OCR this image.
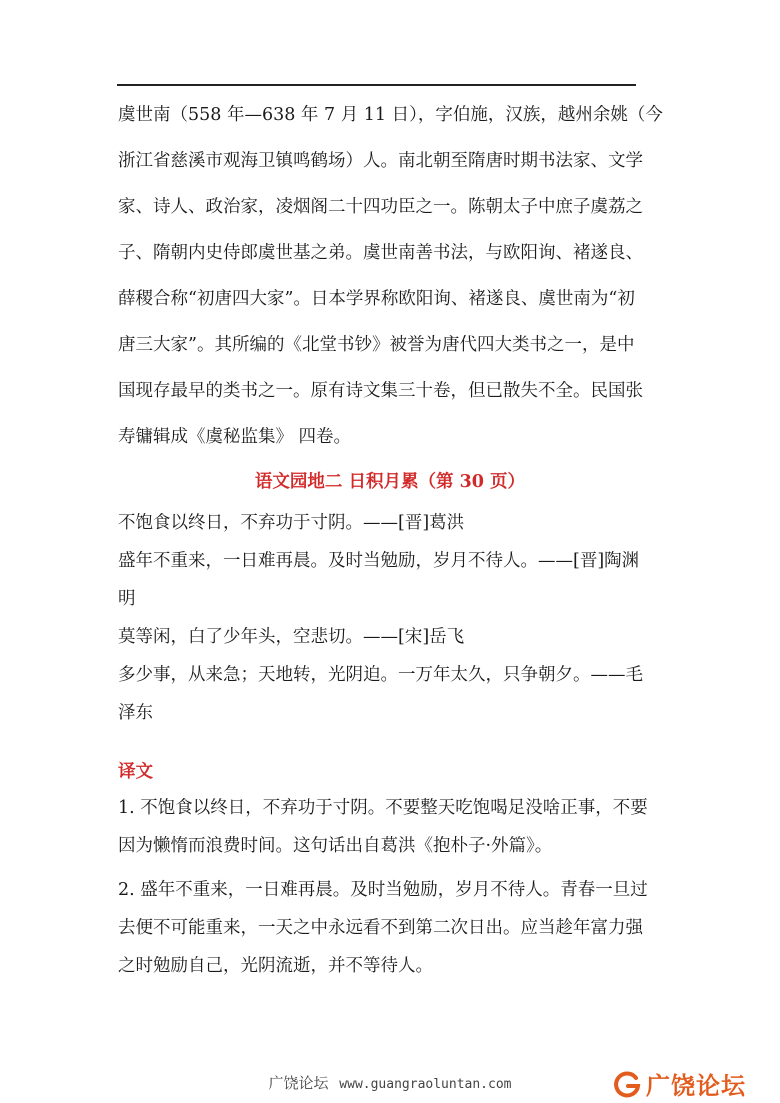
虞世南（558 年—638 年 7 月 11 日），字伯施，汉族，越州余姚（今
浙江省慈溪市观海卫镇鸣鹤场）人。南北朝至隋唐时期书法家、文学
家、诗人、政治家，凌烟阁二十四功臣之一。陈朝太子中庶子虞荔之
子、隋朝内史侍郎虞世基之弟。虞世南善书法，与欧阳询、褚遂良、
薛稷合称“初唐四大家”。日本学界称欧阳询、褚遂良、虞世南为“初
唐三大家”。其所编的《北堂书钞》被誉为唐代四大类书之一，是中
国现存最早的类书之一。原有诗文集三十卷，但已散失不全。民国张
寿镛辑成《虞秘监集》 四卷。
语文园地二 日积月累（第 30 页）
不饱食以终日，不弃功于寸阴。——[晋]葛洪
盛年不重来，一日难再晨。及时当勉励，岁月不待人。——[晋]陶渊
明
莫等闲，白了少年头，空悲切。——[宋]岳飞
多少事，从来急；天地转，光阴迫。一万年太久，只争朝夕。——毛
泽东
译文
1. 不饱食以终日，不弃功于寸阴。不要整天吃饱喝足没啥正事，不要
因为懒惰而浪费时间。这句话出自葛洪《抱朴子·外篇》。
2. 盛年不重来，一日难再晨。及时当勉励，岁月不待人。青春一旦过
去便不可能重来，一天之中永远看不到第二次日出。应当趁年富力强
之时勉励自己，光阴流逝，并不等待人。
广饶论坛 www.guangraoluntan.com	广饶论坛
